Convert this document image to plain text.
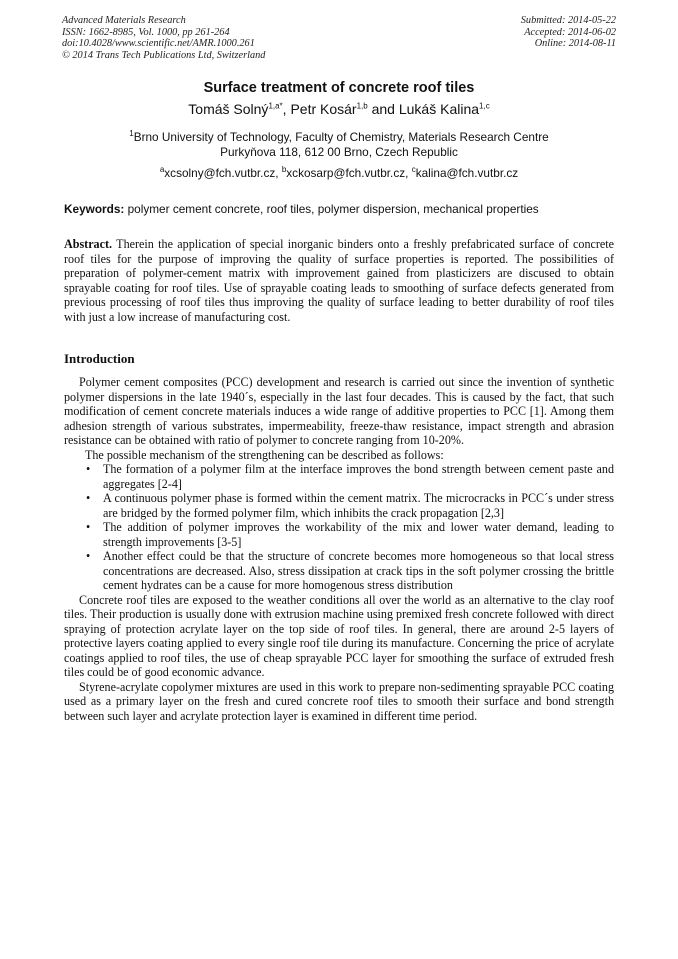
Advanced Materials Research
ISSN: 1662-8985, Vol. 1000, pp 261-264
doi:10.4028/www.scientific.net/AMR.1000.261
© 2014 Trans Tech Publications Ltd, Switzerland
Submitted: 2014-05-22
Accepted: 2014-06-02
Online: 2014-08-11
Surface treatment of concrete roof tiles
Tomáš Solný$^{1,a*}$, Petr Kosár$^{1,b}$ and Lukáš Kalina$^{1,c}$
$^1$Brno University of Technology, Faculty of Chemistry, Materials Research Centre
Purkyňova 118, 612 00 Brno, Czech Republic
$^a$xcsolny@fch.vutbr.cz, $^b$xckosarp@fch.vutbr.cz, $^c$kalina@fch.vutbr.cz
Keywords: polymer cement concrete, roof tiles, polymer dispersion, mechanical properties
Abstract. Therein the application of special inorganic binders onto a freshly prefabricated surface of concrete roof tiles for the purpose of improving the quality of surface properties is reported. The possibilities of preparation of polymer-cement matrix with improvement gained from plasticizers are discused to obtain sprayable coating for roof tiles. Use of sprayable coating leads to smoothing of surface defects generated from previous processing of roof tiles thus improving the quality of surface leading to better durability of roof tiles with just a low increase of manufacturing cost.
Introduction

Polymer cement composites (PCC) development and research is carried out since the invention of synthetic polymer dispersions in the late 1940´s, especially in the last four decades. This is caused by the fact, that such modification of cement concrete materials induces a wide range of additive properties to PCC [1]. Among them adhesion strength of various substrates, impermeability, freeze-thaw resistance, impact strength and abrasion resistance can be obtained with ratio of polymer to concrete ranging from 10-20%.

The possible mechanism of the strengthening can be described as follows:

• The formation of a polymer film at the interface improves the bond strength between cement paste and aggregates [2-4]
• A continuous polymer phase is formed within the cement matrix. The microcracks in PCC´s under stress are bridged by the formed polymer film, which inhibits the crack propagation [2,3]
• The addition of polymer improves the workability of the mix and lower water demand, leading to strength improvements [3-5]
• Another effect could be that the structure of concrete becomes more homogeneous so that local stress concentrations are decreased. Also, stress dissipation at crack tips in the soft polymer crossing the brittle cement hydrates can be a cause for more homogenous stress distribution

Concrete roof tiles are exposed to the weather conditions all over the world as an alternative to the clay roof tiles. Their production is usually done with extrusion machine using premixed fresh concrete followed with direct spraying of protection acrylate layer on the top side of roof tiles. In general, there are around 2-5 layers of protective layers coating applied to every single roof tile during its manufacture. Concerning the price of acrylate coatings applied to roof tiles, the use of cheap sprayable PCC layer for smoothing the surface of extruded fresh tiles could be of good economic advance.

Styrene-acrylate copolymer mixtures are used in this work to prepare non-sedimenting sprayable PCC coating used as a primary layer on the fresh and cured concrete roof tiles to smooth their surface and bond strength between such layer and acrylate protection layer is examined in different time period.
